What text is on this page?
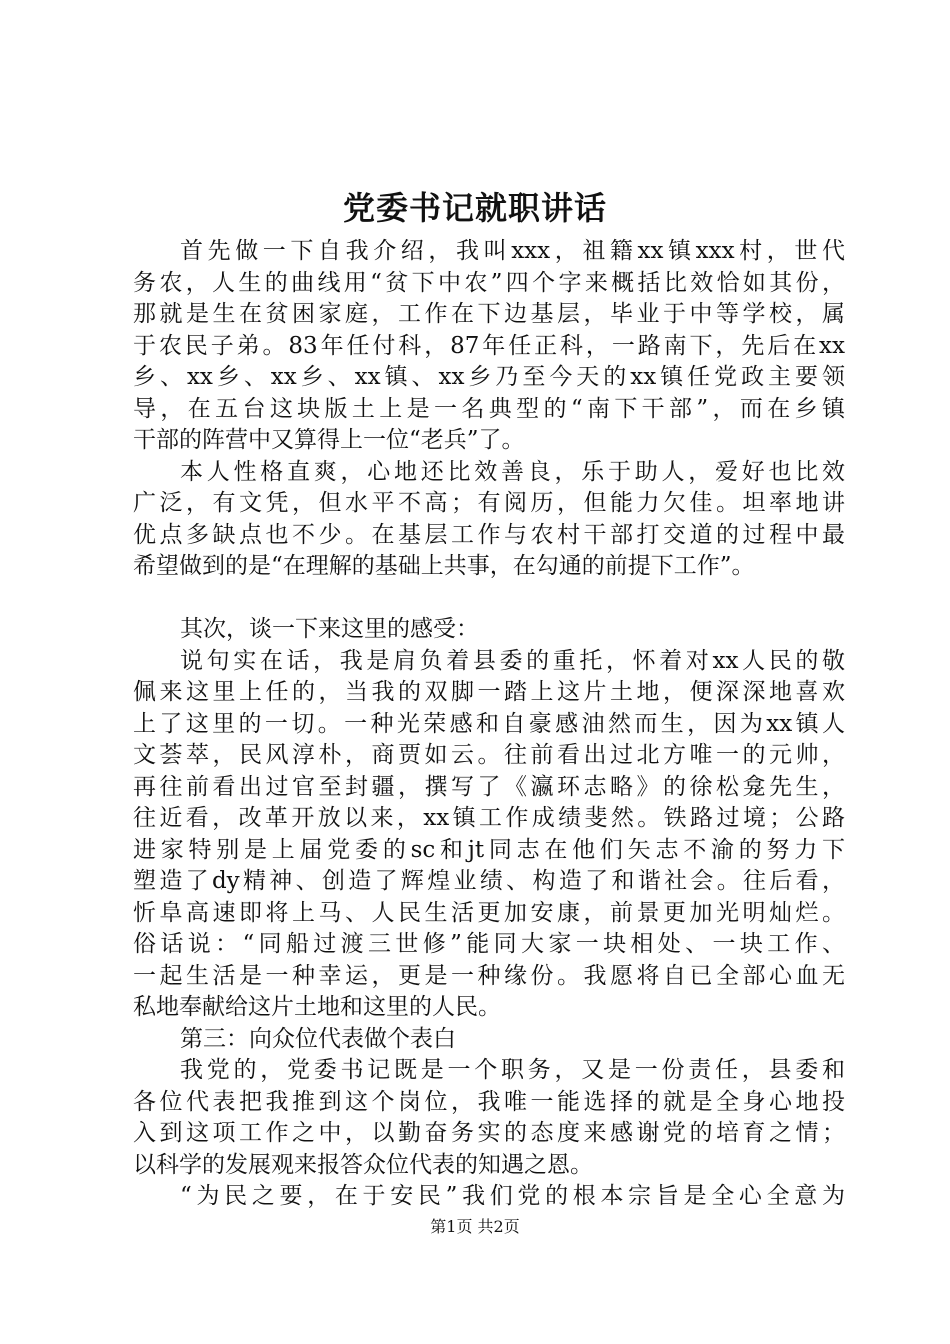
党委书记就职讲话
首先做一下自我介绍，我叫xxx，祖籍xx镇xxx村，世代
务农，人生的曲线用“贫下中农”四个字来概括比效恰如其份，
那就是生在贫困家庭，工作在下边基层，毕业于中等学校，属
于农民子弟。83年任付科，87年任正科，一路南下，先后在xx
乡、xx乡、xx乡、xx镇、xx乡乃至今天的xx镇任党政主要领
导，在五台这块版土上是一名典型的“南下干部”，而在乡镇
干部的阵营中又算得上一位“老兵”了。
本人性格直爽，心地还比效善良，乐于助人，爱好也比效
广泛，有文凭，但水平不高；有阅历，但能力欠佳。坦率地讲
优点多缺点也不少。在基层工作与农村干部打交道的过程中最
希望做到的是“在理解的基础上共事，在勾通的前提下工作”。
其次，谈一下来这里的感受：
说句实在话，我是肩负着县委的重托，怀着对xx人民的敬
佩来这里上任的，当我的双脚一踏上这片土地，便深深地喜欢
上了这里的一切。一种光荣感和自豪感油然而生，因为xx镇人
文荟萃，民风淳朴，商贾如云。往前看出过北方唯一的元帅，
再往前看出过官至封疆，撰写了《瀛环志略》的徐松龛先生，
往近看，改革开放以来，xx镇工作成绩斐然。铁路过境；公路
进家特别是上届党委的sc和jt同志在他们矢志不渝的努力下
塑造了dy精神、创造了辉煌业绩、构造了和谐社会。往后看，
忻阜高速即将上马、人民生活更加安康，前景更加光明灿烂。
俗话说：“同船过渡三世修”能同大家一块相处、一块工作、
一起生活是一种幸运，更是一种缘份。我愿将自已全部心血无
私地奉献给这片土地和这里的人民。
第三：向众位代表做个表白
我党的，党委书记既是一个职务，又是一份责任，县委和
各位代表把我推到这个岗位，我唯一能选择的就是全身心地投
入到这项工作之中，以勤奋务实的态度来感谢党的培育之情；
以科学的发展观来报答众位代表的知遇之恩。
“为民之要，在于安民”我们党的根本宗旨是全心全意为
第1页 共2页
